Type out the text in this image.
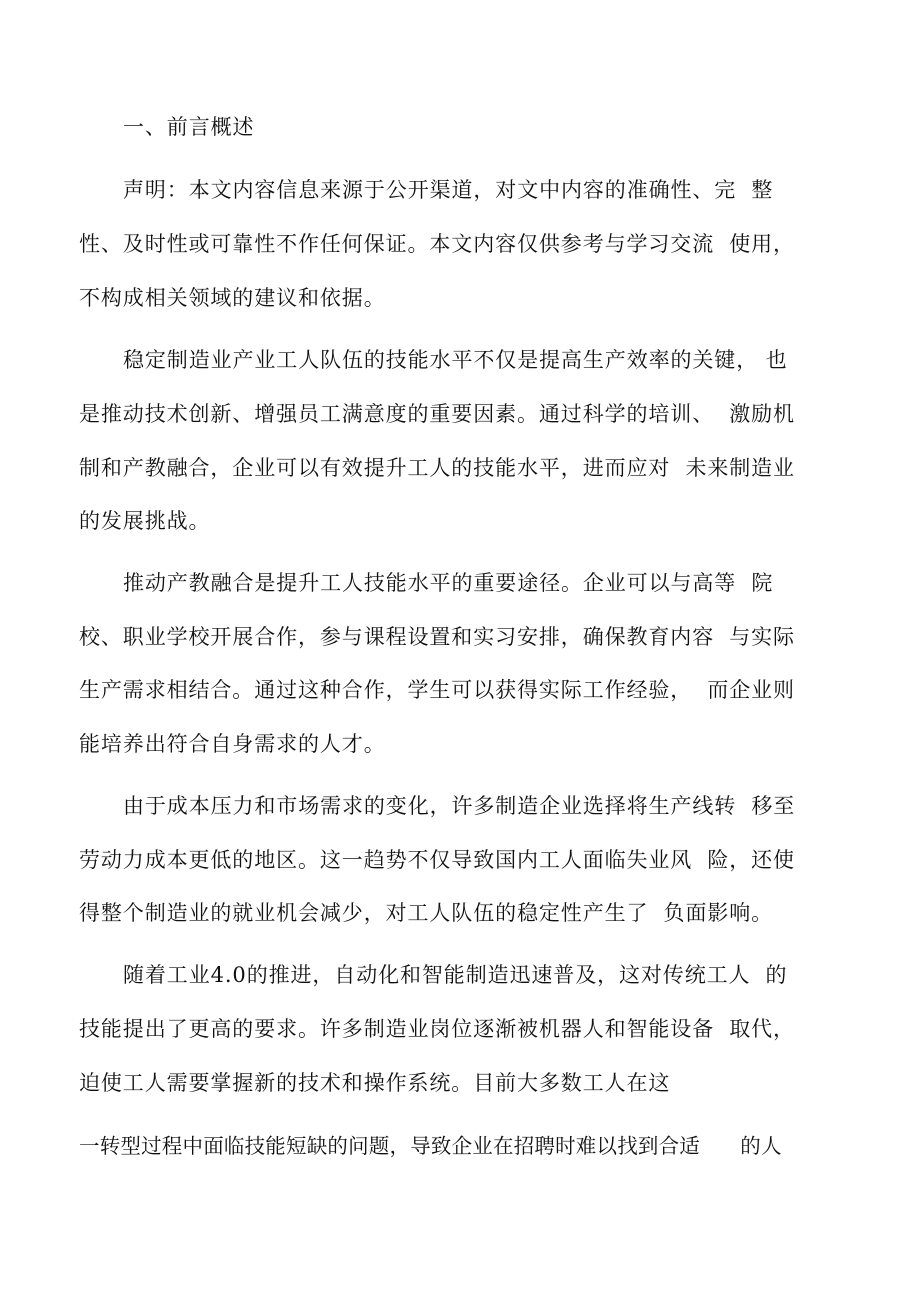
一、前言概述
声明：本文内容信息来源于公开渠道，对文中内容的准确性、完  整
性、及时性或可靠性不作任何保证。本文内容仅供参考与学习交流  使用，
不构成相关领域的建议和依据。
稳定制造业产业工人队伍的技能水平不仅是提高生产效率的关键， 也
是推动技术创新、增强员工满意度的重要因素。通过科学的培训、  激励机
制和产教融合，企业可以有效提升工人的技能水平，进而应对  未来制造业
的发展挑战。
推动产教融合是提升工人技能水平的重要途径。企业可以与高等  院
校、职业学校开展合作，参与课程设置和实习安排，确保教育内容  与实际
生产需求相结合。通过这种合作，学生可以获得实际工作经验，  而企业则
能培养出符合自身需求的人才。
由于成本压力和市场需求的变化，许多制造企业选择将生产线转  移至
劳动力成本更低的地区。这一趋势不仅导致国内工人面临失业风  险，还使
得整个制造业的就业机会减少，对工人队伍的稳定性产生了  负面影响。
随着工业4.0的推进，自动化和智能制造迅速普及，这对传统工人  的
技能提出了更高的要求。许多制造业岗位逐渐被机器人和智能设备  取代，
迫使工人需要掌握新的技术和操作系统。目前大多数工人在这
一转型过程中面临技能短缺的问题，导致企业在招聘时难以找到合适      的人
